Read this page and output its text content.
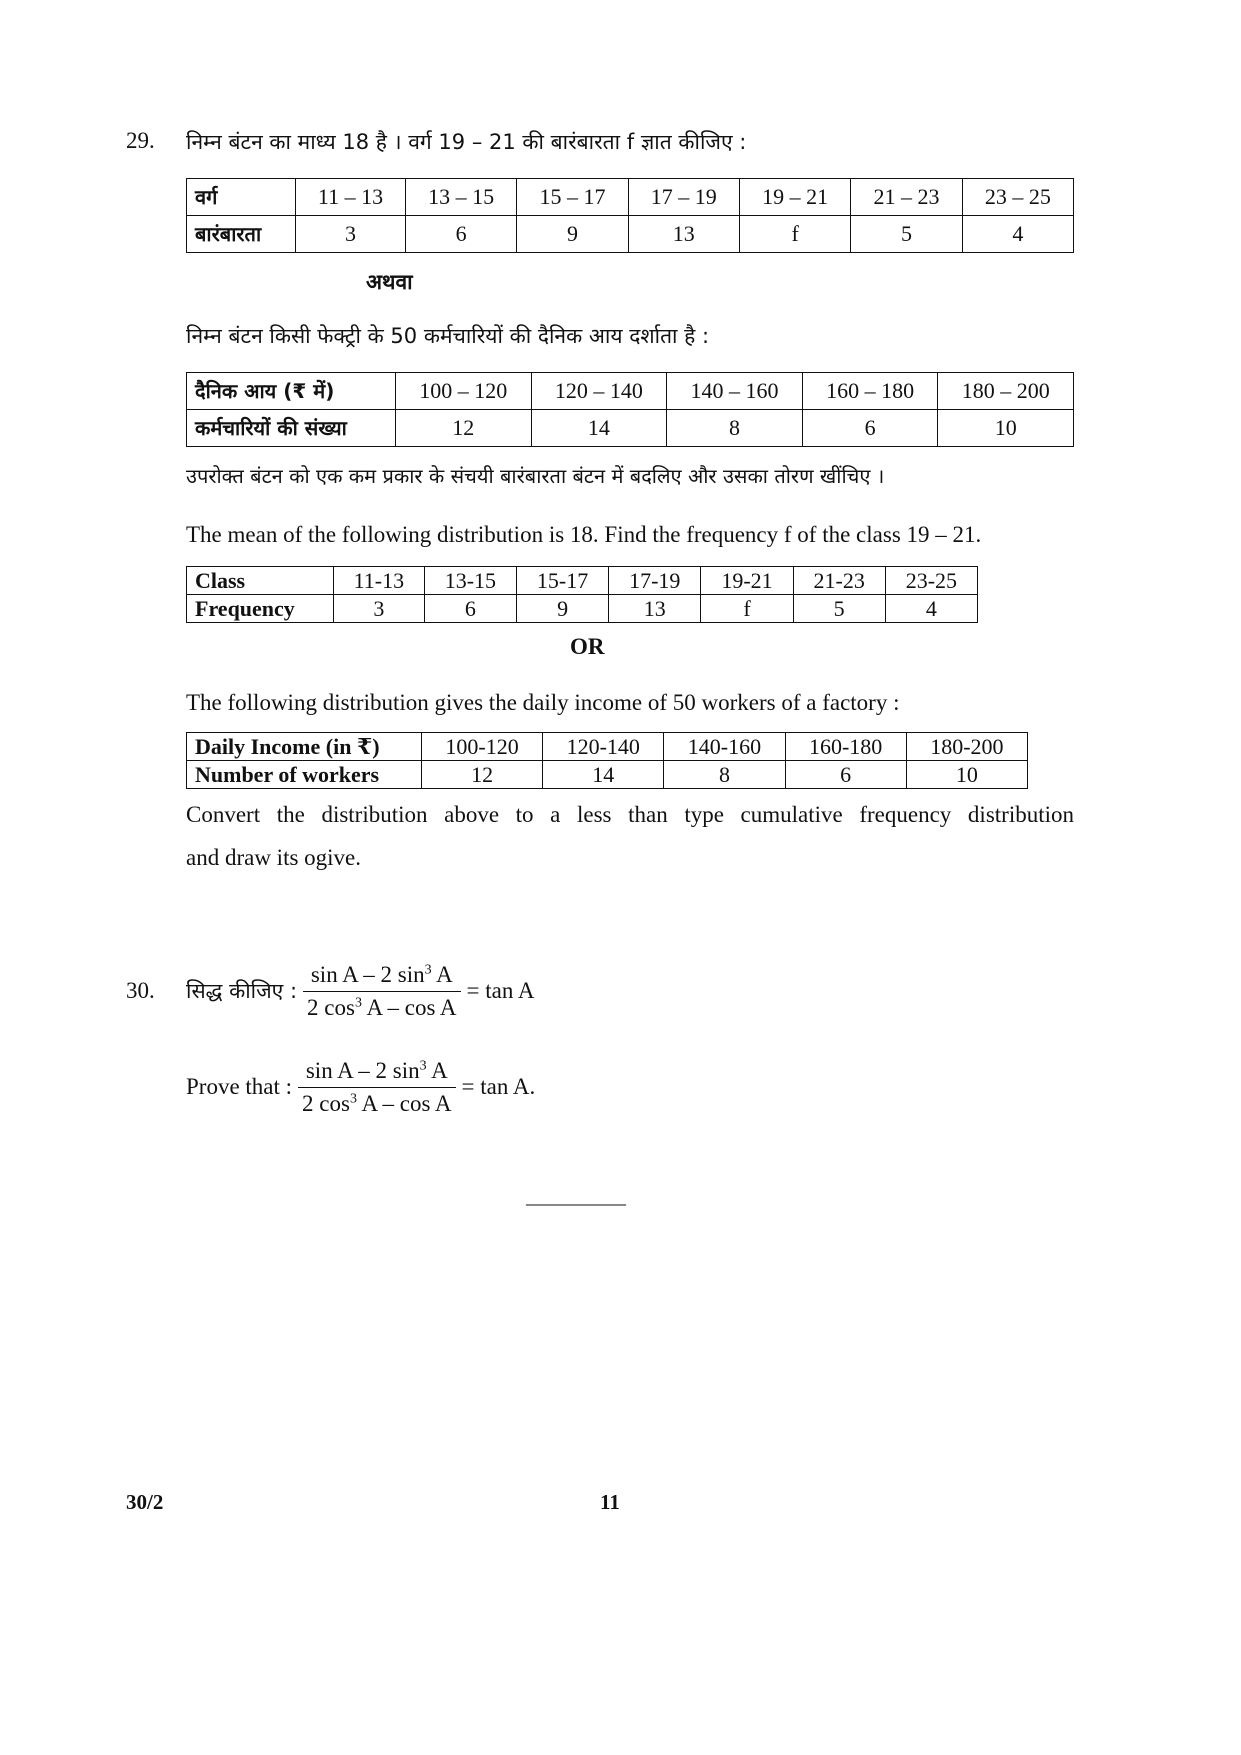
29. निम्न बंटन का माध्य 18 है । वर्ग 19 – 21 की बारंबारता f ज्ञात कीजिए :
वर्ग	11 – 13	13 – 15	15 – 17	17 – 19	19 – 21	21 – 23	23 – 25
बारंबारता	3	6	9	13	f	5	4
अथवा
निम्न बंटन किसी फेक्ट्री के 50 कर्मचारियों की दैनिक आय दर्शाता है :
दैनिक आय (₹ में)	100 – 120	120 – 140	140 – 160	160 – 180	180 – 200
कर्मचारियों की संख्या	12	14	8	6	10
उपरोक्त बंटन को एक कम प्रकार के संचयी बारंबारता बंटन में बदलिए और उसका तोरण खींचिए ।
The mean of the following distribution is 18. Find the frequency f of the class 19 – 21.
Class	11-13	13-15	15-17	17-19	19-21	21-23	23-25
Frequency	3	6	9	13	f	5	4
OR
The following distribution gives the daily income of 50 workers of a factory :
Daily Income (in ₹)	100-120	120-140	140-160	160-180	180-200
Number of workers	12	14	8	6	10
Convert the distribution above to a less than type cumulative frequency distribution
and draw its ogive.
30. सिद्ध कीजिए : $\frac{\sin A - 2 \sin^3 A}{2 \cos^3 A - \cos A} = \tan A$
Prove that : $\frac{\sin A - 2 \sin^3 A}{2 \cos^3 A - \cos A} = \tan A$.
__________
30/2	11
